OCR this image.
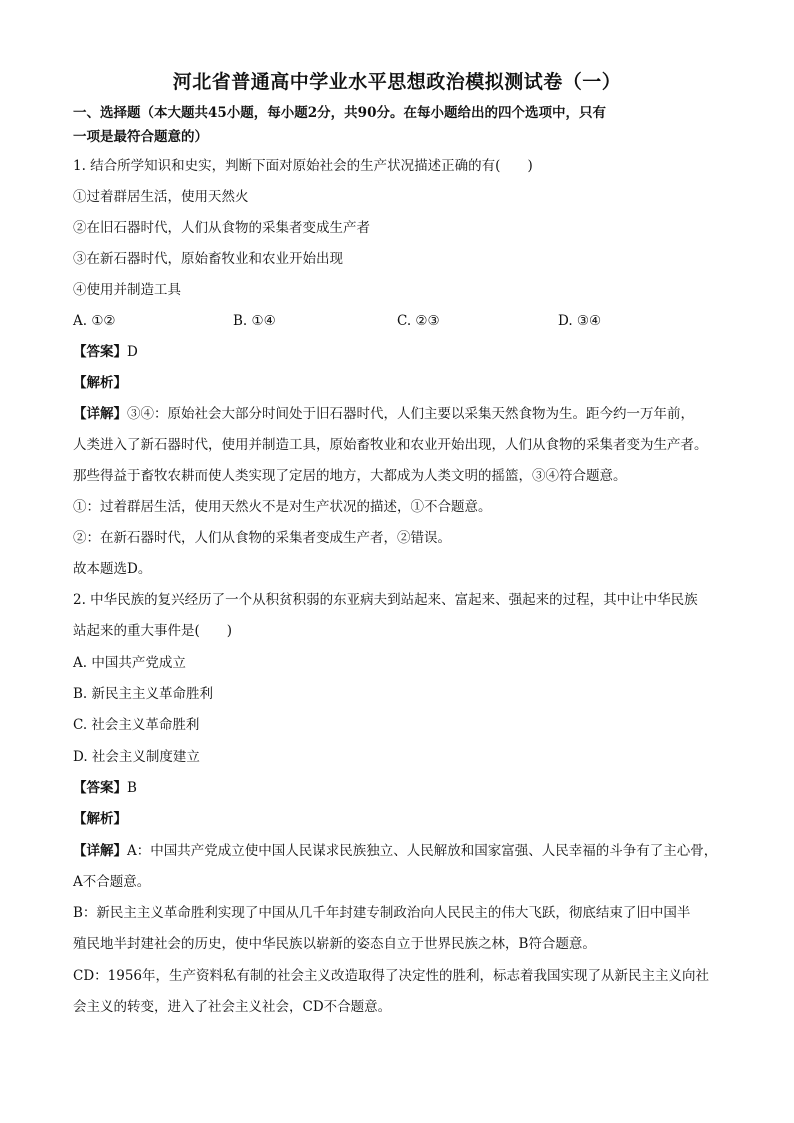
河北省普通高中学业水平思想政治模拟测试卷（一）
一、选择题（本大题共45小题，每小题2分，共90分。在每小题给出的四个选项中，只有
一项是最符合题意的）
1. 结合所学知识和史实，判断下面对原始社会的生产状况描述正确的有(　　)
①过着群居生活，使用天然火
②在旧石器时代，人们从食物的采集者变成生产者
③在新石器时代，原始畜牧业和农业开始出现
④使用并制造工具
A. ①②	B. ①④	C. ②③	D. ③④
【答案】D
【解析】
【详解】③④：原始社会大部分时间处于旧石器时代，人们主要以采集天然食物为生。距今约一万年前，
人类进入了新石器时代，使用并制造工具，原始畜牧业和农业开始出现，人们从食物的采集者变为生产者。
那些得益于畜牧农耕而使人类实现了定居的地方，大都成为人类文明的摇篮，③④符合题意。
①：过着群居生活，使用天然火不是对生产状况的描述，①不合题意。
②：在新石器时代，人们从食物的采集者变成生产者，②错误。
故本题选D。
2. 中华民族的复兴经历了一个从积贫积弱的东亚病夫到站起来、富起来、强起来的过程，其中让中华民族
站起来的重大事件是(　　)
A. 中国共产党成立
B. 新民主主义革命胜利
C. 社会主义革命胜利
D. 社会主义制度建立
【答案】B
【解析】
【详解】A：中国共产党成立使中国人民谋求民族独立、人民解放和国家富强、人民幸福的斗争有了主心骨，
A不合题意。
B：新民主主义革命胜利实现了中国从几千年封建专制政治向人民民主的伟大飞跃，彻底结束了旧中国半
殖民地半封建社会的历史，使中华民族以崭新的姿态自立于世界民族之林，B符合题意。
CD：1956年，生产资料私有制的社会主义改造取得了决定性的胜利，标志着我国实现了从新民主主义向社
会主义的转变，进入了社会主义社会，CD不合题意。
